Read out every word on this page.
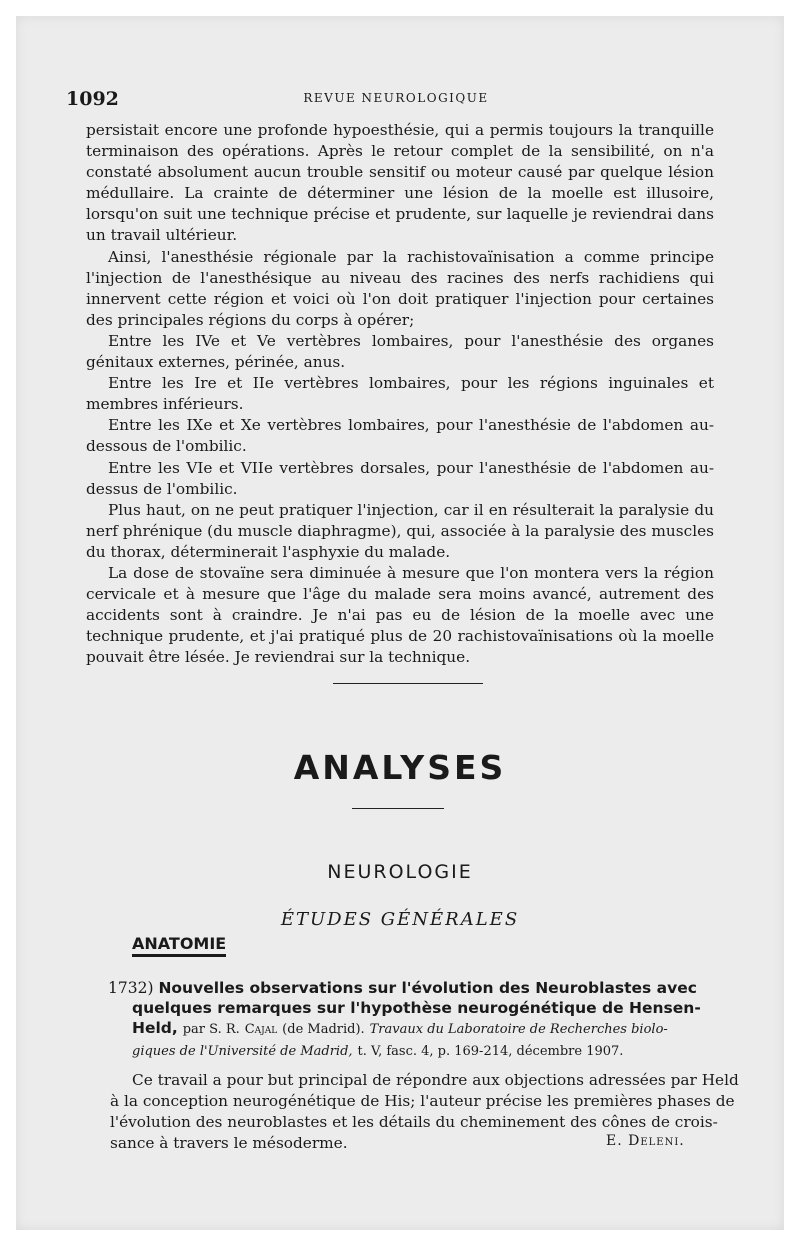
1092	REVUE NEUROLOGIQUE

persistait encore une profonde hypoesthésie, qui a permis toujours la tranquille terminaison des opérations. Après le retour complet de la sensibilité, on n'a constaté absolument aucun trouble sensitif ou moteur causé par quelque lésion médullaire. La crainte de déterminer une lésion de la moelle est illusoire, lorsqu'on suit une technique précise et prudente, sur laquelle je reviendrai dans un travail ultérieur.

Ainsi, l'anesthésie régionale par la rachistovaïnisation a comme principe l'injection de l'anesthésique au niveau des racines des nerfs rachidiens qui innervent cette région et voici où l'on doit pratiquer l'injection pour certaines des principales régions du corps à opérer;

Entre les IVe et Ve vertèbres lombaires, pour l'anesthésie des organes génitaux externes, périnée, anus.

Entre les Ire et IIe vertèbres lombaires, pour les régions inguinales et membres inférieurs.

Entre les IXe et Xe vertèbres lombaires, pour l'anesthésie de l'abdomen au-dessous de l'ombilic.

Entre les VIe et VIIe vertèbres dorsales, pour l'anesthésie de l'abdomen au-dessus de l'ombilic.

Plus haut, on ne peut pratiquer l'injection, car il en résulterait la paralysie du nerf phrénique (du muscle diaphragme), qui, associée à la paralysie des muscles du thorax, déterminerait l'asphyxie du malade.

La dose de stovaïne sera diminuée à mesure que l'on montera vers la région cervicale et à mesure que l'âge du malade sera moins avancé, autrement des accidents sont à craindre. Je n'ai pas eu de lésion de la moelle avec une technique prudente, et j'ai pratiqué plus de 20 rachistovaïnisations où la moelle pouvait être lésée. Je reviendrai sur la technique.

ANALYSES
NEUROLOGIE
ÉTUDES GÉNÉRALES
ANATOMIE
1732) Nouvelles observations sur l'évolution des Neuroblastes avec
quelques remarques sur l'hypothèse neurogénétique de Hensen-
Held, par S. R. Cajal (de Madrid). Travaux du Laboratoire de Recherches biolo-
giques de l'Université de Madrid, t. V, fasc. 4, p. 169-214, décembre 1907.
Ce travail a pour but principal de répondre aux objections adressées par Held
à la conception neurogénétique de His; l'auteur précise les premières phases de
l'évolution des neuroblastes et les détails du cheminement des cônes de crois-
sance à travers le mésoderme.	E. Deleni.
